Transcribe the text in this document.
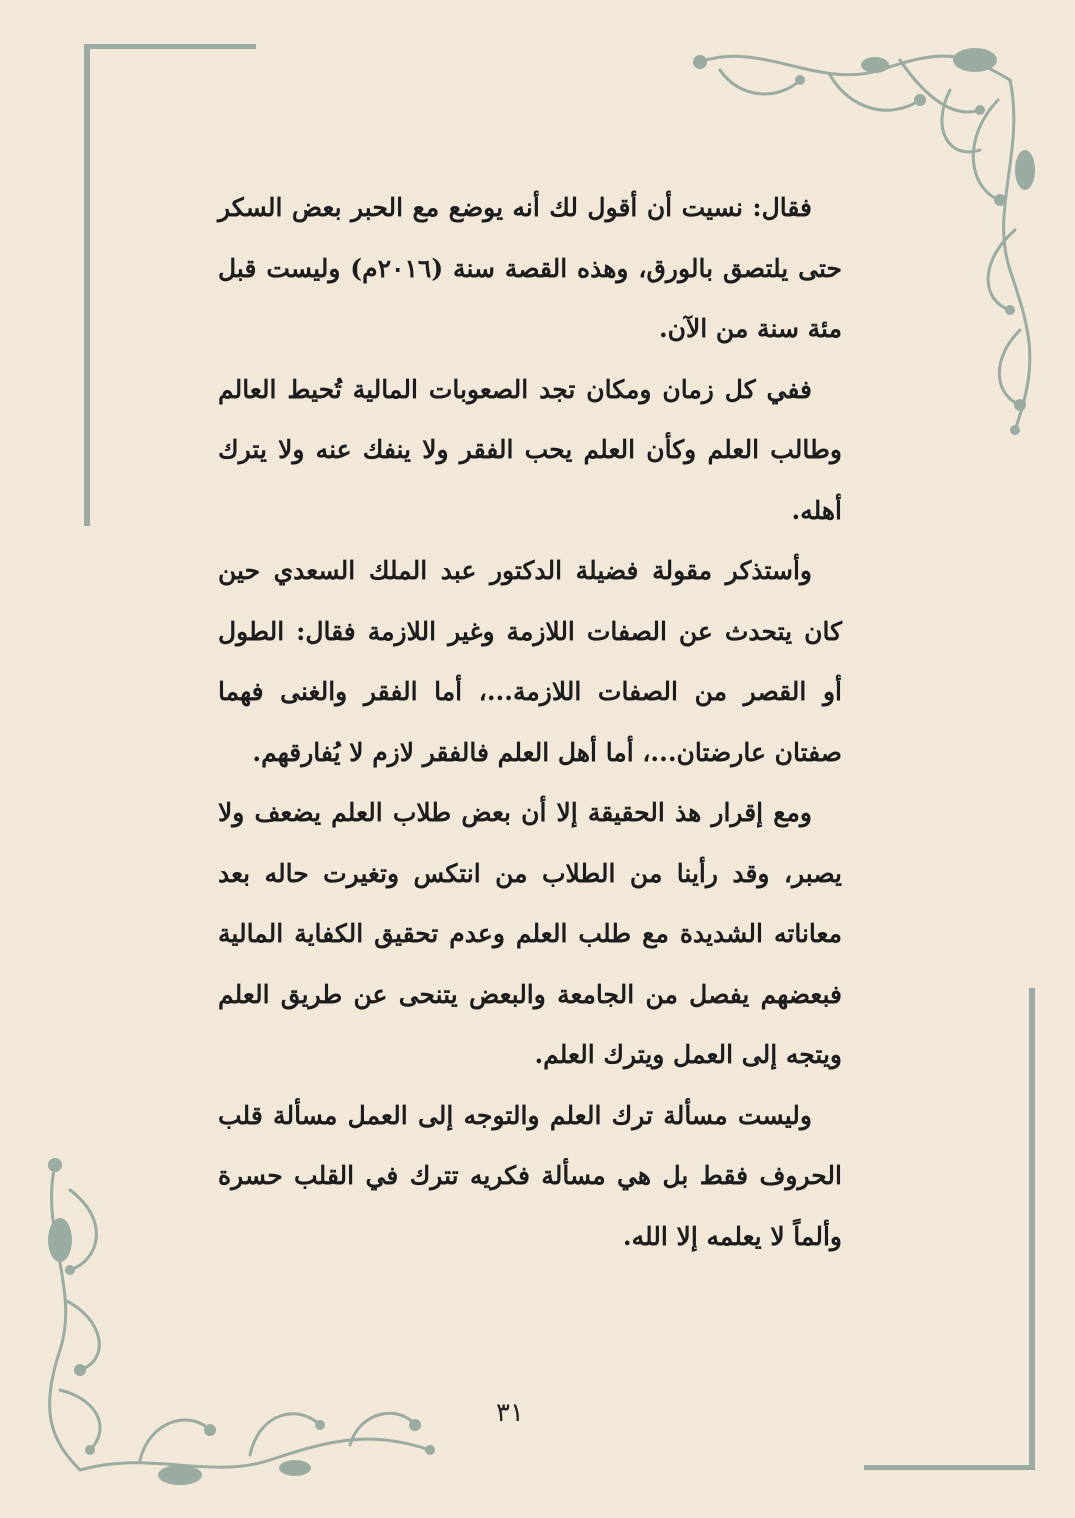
فقال: نسيت أن أقول لك أنه يوضع مع الحبر بعض السكر حتى يلتصق بالورق، وهذه القصة سنة (٢٠١٦م) وليست قبل مئة سنة من الآن.

ففي كل زمان ومكان تجد الصعوبات المالية تُحيط العالم وطالب العلم وكأن العلم يحب الفقر ولا ينفك عنه ولا يترك أهله.

وأستذكر مقولة فضيلة الدكتور عبد الملك السعدي حين كان يتحدث عن الصفات اللازمة وغير اللازمة فقال: الطول أو القصر من الصفات اللازمة...، أما الفقر والغنى فهما صفتان عارضتان...، أما أهل العلم فالفقر لازم لا يُفارقهم.

ومع إقرار هذ الحقيقة إلا أن بعض طلاب العلم يضعف ولا يصبر، وقد رأينا من الطلاب من انتكس وتغيرت حاله بعد معاناته الشديدة مع طلب العلم وعدم تحقيق الكفاية المالية فبعضهم يفصل من الجامعة والبعض يتنحى عن طريق العلم ويتجه إلى العمل ويترك العلم.

وليست مسألة ترك العلم والتوجه إلى العمل مسألة قلب الحروف فقط بل هي مسألة فكريه تترك في القلب حسرة وألماً لا يعلمه إلا الله.

٣١
